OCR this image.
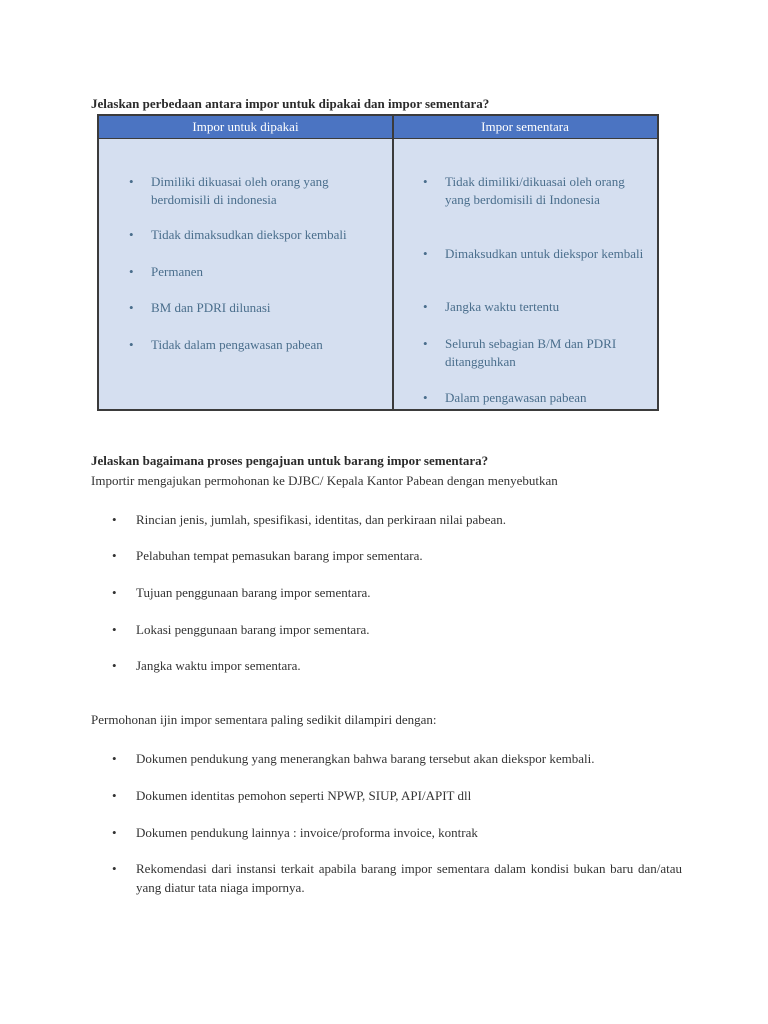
Jelaskan perbedaan antara impor untuk dipakai dan impor sementara?
Impor untuk dipakai	Impor sementara
• Dimiliki dikuasai oleh orang yang berdomisili di indonesia
• Tidak dimaksudkan diekspor kembali
• Permanen
• BM dan PDRI dilunasi
• Tidak dalam pengawasan pabean
• Tidak dimiliki/dikuasai oleh orang yang berdomisili di Indonesia
• Dimaksudkan untuk diekspor kembali
• Jangka waktu tertentu
• Seluruh sebagian B/M dan PDRI ditangguhkan
• Dalam pengawasan pabean
Jelaskan bagaimana proses pengajuan untuk barang impor sementara?
Importir mengajukan permohonan ke DJBC/ Kepala Kantor Pabean dengan menyebutkan
• Rincian jenis, jumlah, spesifikasi, identitas, dan perkiraan nilai pabean.
• Pelabuhan tempat pemasukan barang impor sementara.
• Tujuan penggunaan barang impor sementara.
• Lokasi penggunaan barang impor sementara.
• Jangka waktu impor sementara.
Permohonan ijin impor sementara paling sedikit dilampiri dengan:
• Dokumen pendukung yang menerangkan bahwa barang tersebut akan diekspor kembali.
• Dokumen identitas pemohon seperti NPWP, SIUP, API/APIT dll
• Dokumen pendukung lainnya : invoice/proforma invoice, kontrak
• Rekomendasi dari instansi terkait apabila barang impor sementara dalam kondisi bukan baru dan/atau yang diatur tata niaga impornya.
